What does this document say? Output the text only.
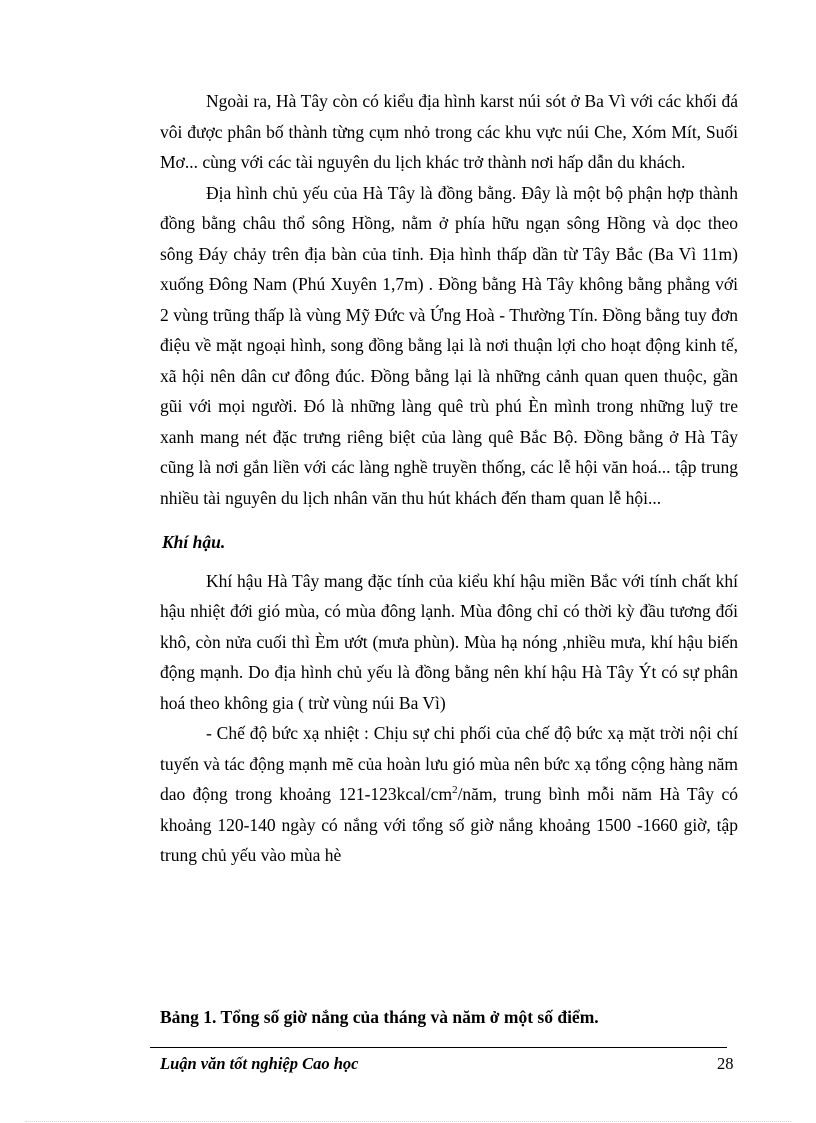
Ngoài ra, Hà Tây còn có kiểu địa hình karst núi sót ở Ba Vì với các khối đá vôi được phân bố thành từng cụm nhỏ trong các khu vực núi Che, Xóm Mít, Suối Mơ... cùng với các tài nguyên du lịch khác trở thành nơi hấp dẫn du khách.

Địa hình chủ yếu của Hà Tây là đồng bằng. Đây là một bộ phận hợp thành đồng bằng châu thổ sông Hồng, nằm ở phía hữu ngạn sông Hồng và dọc theo sông Đáy chảy trên địa bàn của tỉnh. Địa hình thấp dần từ Tây Bắc (Ba Vì 11m) xuống Đông Nam (Phú Xuyên 1,7m) . Đồng bằng Hà Tây không bằng phẳng với 2 vùng trũng thấp là vùng Mỹ Đức và Ứng Hoà - Thường Tín. Đồng bằng tuy đơn điệu về mặt ngoại hình, song đồng bằng lại là nơi thuận lợi cho hoạt động kinh tế, xã hội nên dân cư đông đúc. Đồng bằng lại là những cảnh quan quen thuộc, gần gũi với mọi người. Đó là những làng quê trù phú Èn mình trong những luỹ tre xanh mang nét đặc trưng riêng biệt của làng quê Bắc Bộ. Đồng bằng ở Hà Tây cũng là nơi gắn liền với các làng nghề truyền thống, các lễ hội văn hoá... tập trung nhiều tài nguyên du lịch nhân văn thu hút khách đến tham quan lễ hội...

Khí hậu.

Khí hậu Hà Tây mang đặc tính của kiểu khí hậu miền Bắc với tính chất khí hậu nhiệt đới gió mùa, có mùa đông lạnh. Mùa đông chỉ có thời kỳ đầu tương đối khô, còn nửa cuối thì Èm ướt (mưa phùn). Mùa hạ nóng ,nhiều mưa, khí hậu biến động mạnh. Do địa hình chủ yếu là đồng bằng nên khí hậu Hà Tây Ýt có sự phân hoá theo không gia ( trừ vùng núi Ba Vì)

- Chế độ bức xạ nhiệt : Chịu sự chi phối của chế độ bức xạ mặt trời nội chí tuyến và tác động mạnh mẽ của hoàn lưu gió mùa nên bức xạ tổng cộng hàng năm dao động trong khoảng $121-123kcal/cm^2$/năm, trung bình mỗi năm Hà Tây có khoảng 120-140 ngày có nắng với tổng số giờ nắng khoảng 1500 -1660 giờ, tập trung chủ yếu vào mùa hè

Bảng 1. Tổng số giờ nắng của tháng và năm ở một số điểm.
Luận văn tốt nghiệp Cao học	28
